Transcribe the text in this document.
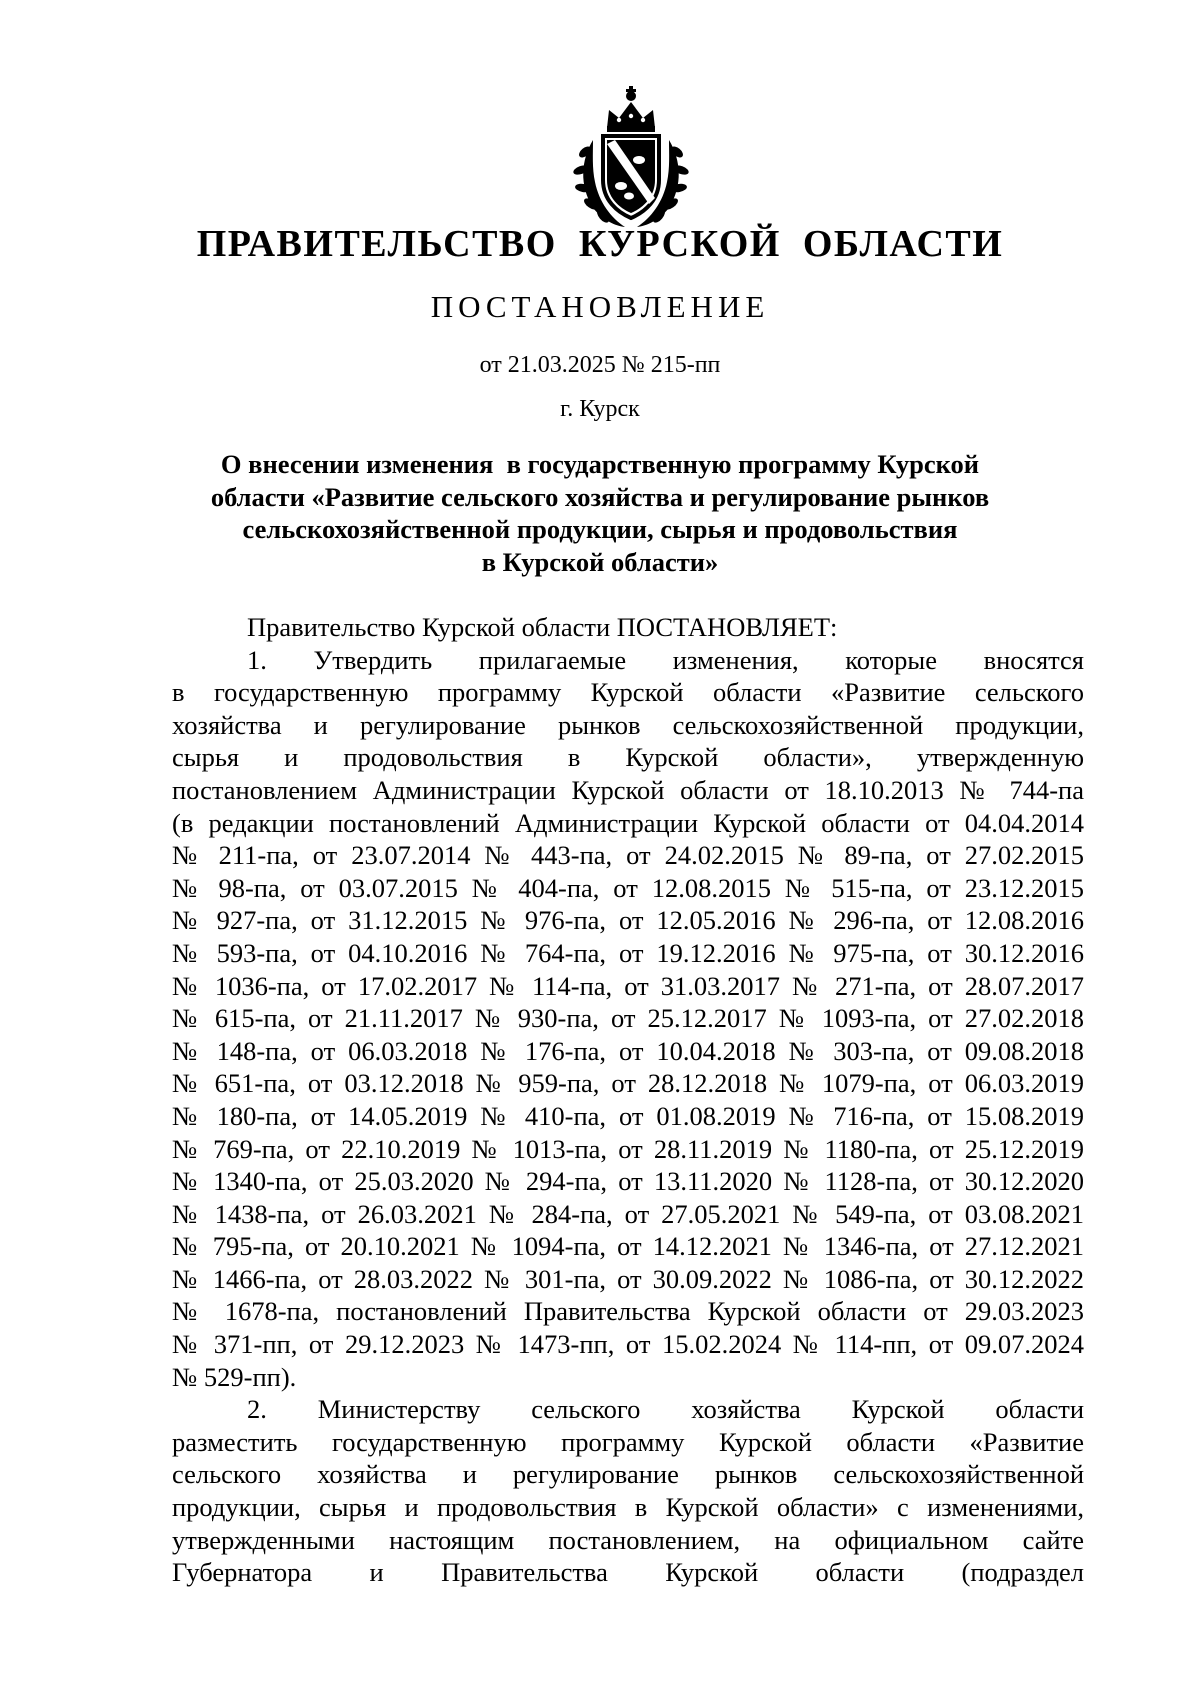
ПРАВИТЕЛЬСТВО  КУРСКОЙ  ОБЛАСТИ
ПОСТАНОВЛЕНИЕ
от 21.03.2025 № 215-пп
г. Курск
О внесении изменения  в государственную программу Курской
области «Развитие сельского хозяйства и регулирование рынков
сельскохозяйственной продукции, сырья и продовольствия
в Курской области»
Правительство Курской области ПОСТАНОВЛЯЕТ:
1. Утвердить прилагаемые изменения, которые вносятся
в государственную программу Курской области «Развитие сельского
хозяйства и регулирование рынков сельскохозяйственной продукции,
сырья и продовольствия в Курской области», утвержденную
постановлением Администрации Курской области от 18.10.2013 № 744-па
(в редакции постановлений Администрации Курской области от 04.04.2014
№ 211-па, от 23.07.2014 № 443-па, от 24.02.2015 № 89-па, от 27.02.2015
№ 98-па, от 03.07.2015 № 404-па, от 12.08.2015 № 515-па, от 23.12.2015
№ 927-па, от 31.12.2015 № 976-па, от 12.05.2016 № 296-па, от 12.08.2016
№ 593-па, от 04.10.2016 № 764-па, от 19.12.2016 № 975-па, от 30.12.2016
№ 1036-па, от 17.02.2017 № 114-па, от 31.03.2017 № 271-па, от 28.07.2017
№ 615-па, от 21.11.2017 № 930-па, от 25.12.2017 № 1093-па, от 27.02.2018
№ 148-па, от 06.03.2018 № 176-па, от 10.04.2018 № 303-па, от 09.08.2018
№ 651-па, от 03.12.2018 № 959-па, от 28.12.2018 № 1079-па, от 06.03.2019
№ 180-па, от 14.05.2019 № 410-па, от 01.08.2019 № 716-па, от 15.08.2019
№ 769-па, от 22.10.2019 № 1013-па, от 28.11.2019 № 1180-па, от 25.12.2019
№ 1340-па, от 25.03.2020 № 294-па, от 13.11.2020 № 1128-па, от 30.12.2020
№ 1438-па, от 26.03.2021 № 284-па, от 27.05.2021 № 549-па, от 03.08.2021
№ 795-па, от 20.10.2021 № 1094-па, от 14.12.2021 № 1346-па, от 27.12.2021
№ 1466-па, от 28.03.2022 № 301-па, от 30.09.2022 № 1086-па, от 30.12.2022
№ 1678-па, постановлений Правительства Курской области от 29.03.2023
№ 371-пп, от 29.12.2023 № 1473-пп, от 15.02.2024 № 114-пп, от 09.07.2024
№ 529-пп).
2. Министерству сельского хозяйства Курской области
разместить государственную программу Курской области «Развитие
сельского хозяйства и регулирование рынков сельскохозяйственной
продукции, сырья и продовольствия в Курской области» с изменениями,
утвержденными настоящим постановлением, на официальном сайте
Губернатора и Правительства Курской области (подраздел
